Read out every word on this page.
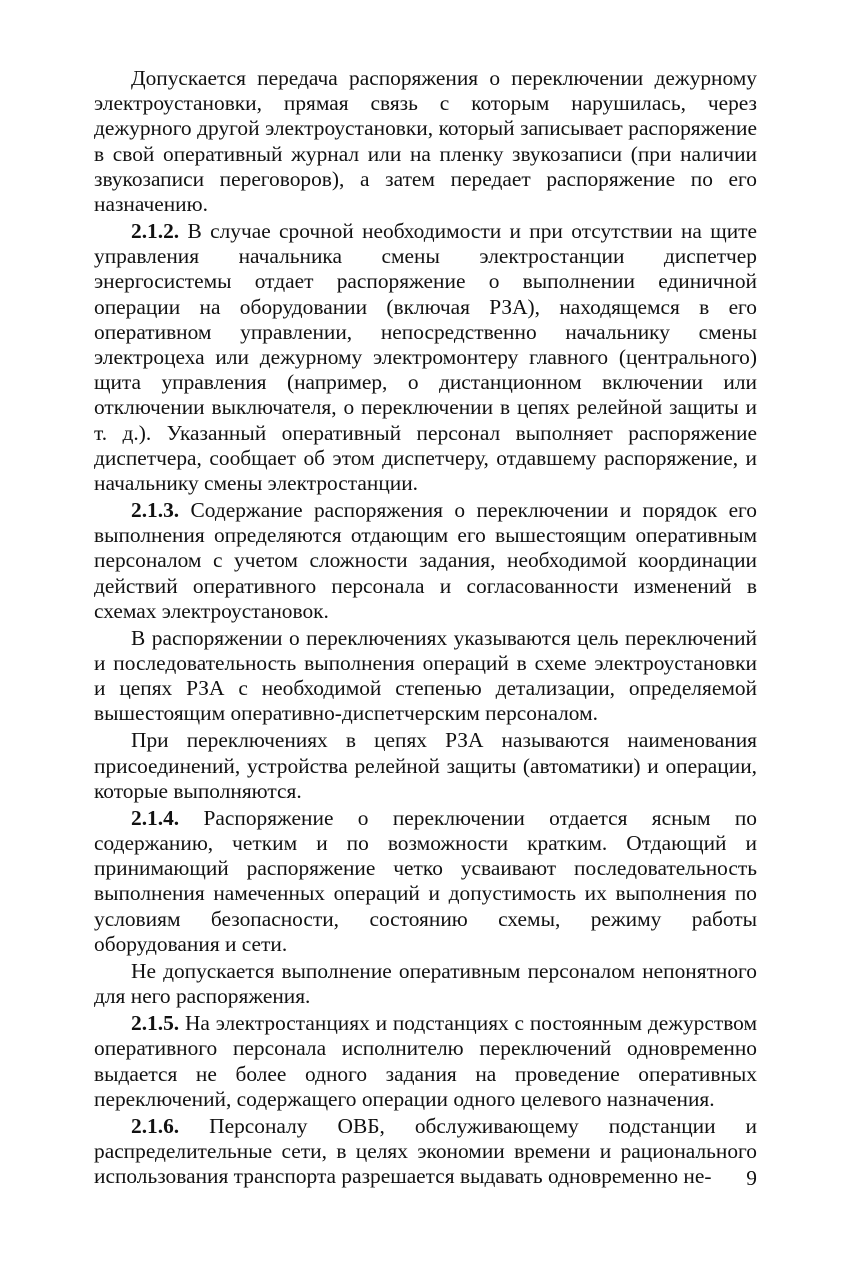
Допускается передача распоряжения о переключении дежурному электроустановки, прямая связь с которым нарушилась, через дежурного другой электроустановки, который записывает распоряжение в свой оперативный журнал или на пленку звукозаписи (при наличии звукозаписи переговоров), а затем передает распоряжение по его назначению.

2.1.2. В случае срочной необходимости и при отсутствии на щите управления начальника смены электростанции диспетчер энергосистемы отдает распоряжение о выполнении единичной операции на оборудовании (включая РЗА), находящемся в его оперативном управлении, непосредственно начальнику смены электроцеха или дежурному электромонтеру главного (центрального) щита управления (например, о дистанционном включении или отключении выключателя, о переключении в цепях релейной защиты и т. д.). Указанный оперативный персонал выполняет распоряжение диспетчера, сообщает об этом диспетчеру, отдавшему распоряжение, и начальнику смены электростанции.

2.1.3. Содержание распоряжения о переключении и порядок его выполнения определяются отдающим его вышестоящим оперативным персоналом с учетом сложности задания, необходимой координации действий оперативного персонала и согласованности изменений в схемах электроустановок.

В распоряжении о переключениях указываются цель переключений и последовательность выполнения операций в схеме электроустановки и цепях РЗА с необходимой степенью детализации, определяемой вышестоящим оперативно-диспетчерским персоналом.

При переключениях в цепях РЗА называются наименования присоединений, устройства релейной защиты (автоматики) и операции, которые выполняются.

2.1.4. Распоряжение о переключении отдается ясным по содержанию, четким и по возможности кратким. Отдающий и принимающий распоряжение четко усваивают последовательность выполнения намеченных операций и допустимость их выполнения по условиям безопасности, состоянию схемы, режиму работы оборудования и сети.

Не допускается выполнение оперативным персоналом непонятного для него распоряжения.

2.1.5. На электростанциях и подстанциях с постоянным дежурством оперативного персонала исполнителю переключений одновременно выдается не более одного задания на проведение оперативных переключений, содержащего операции одного целевого назначения.

2.1.6. Персоналу ОВБ, обслуживающему подстанции и распределительные сети, в целях экономии времени и рационального использования транспорта разрешается выдавать одновременно не-	9
